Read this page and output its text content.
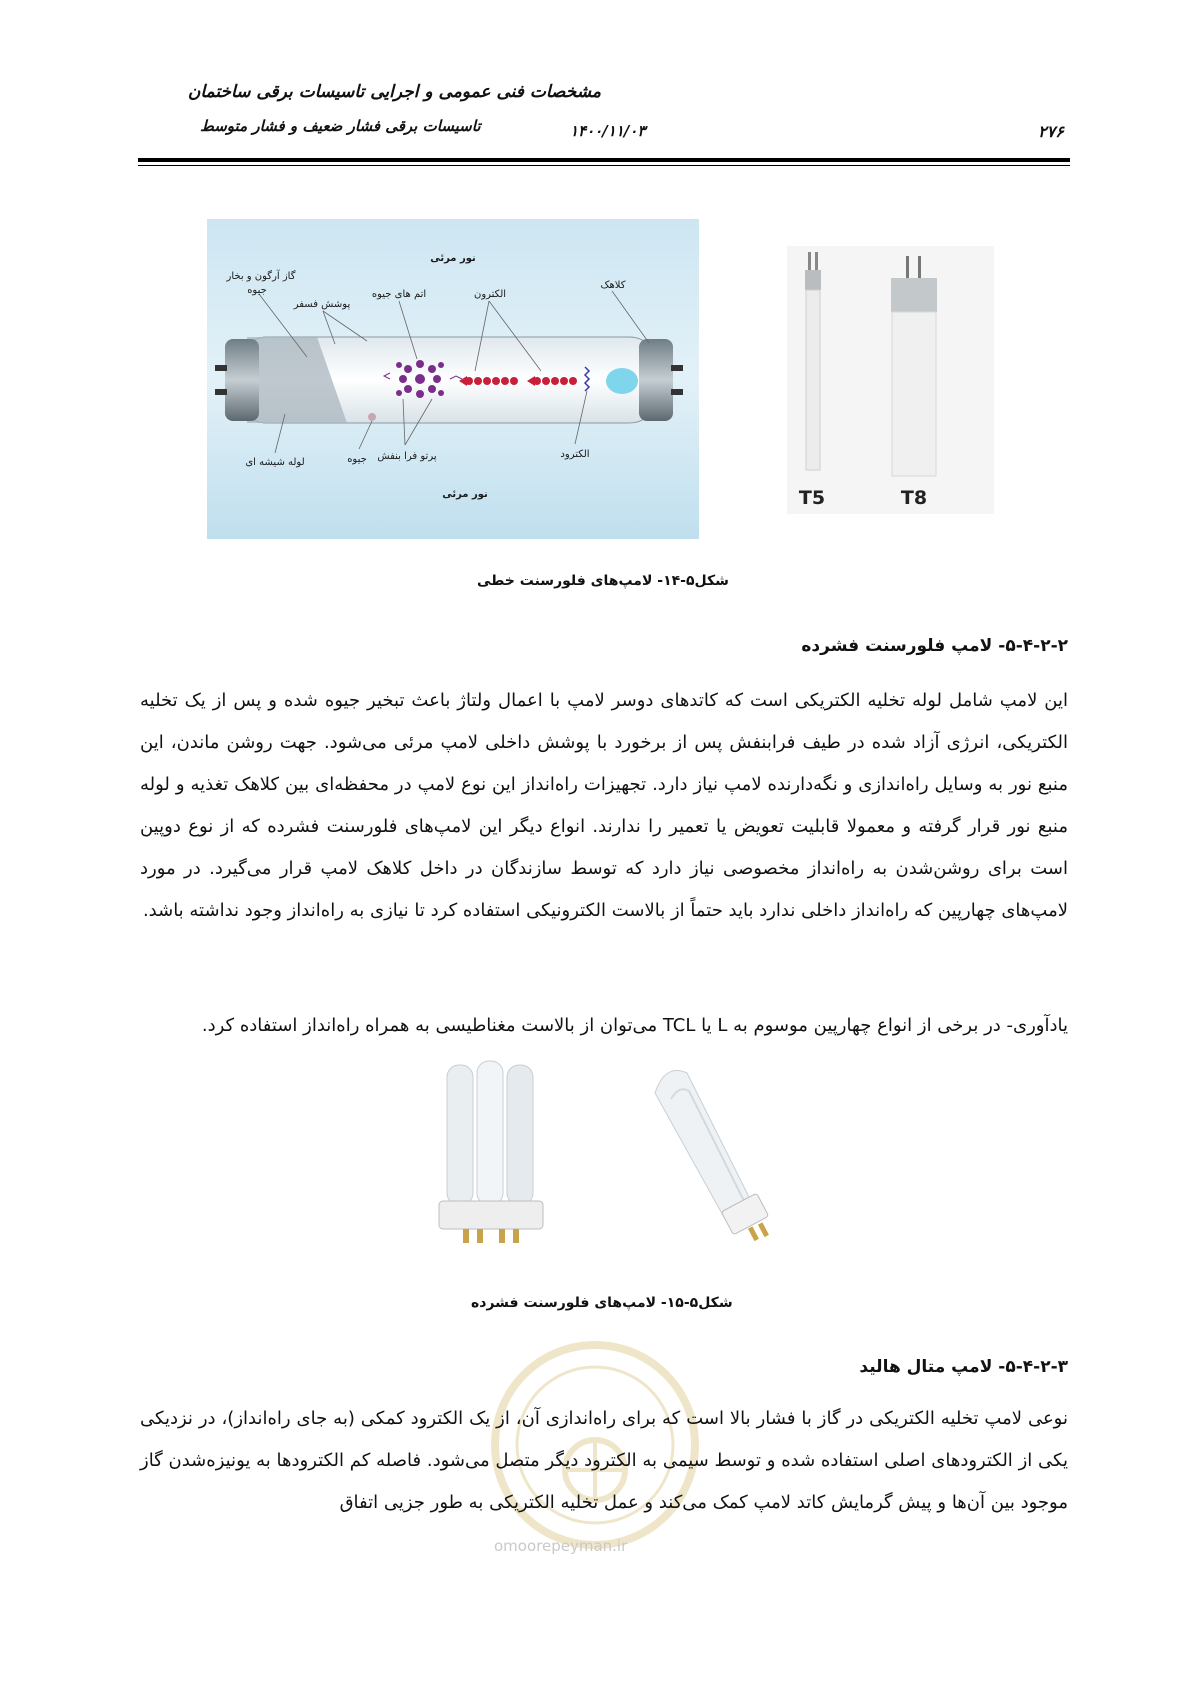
مشخصات فنی عمومی و اجرایی تاسیسات برقی ساختمان
تاسیسات برقی فشار ضعیف و فشار متوسط	۱۴۰۰/۱۱/۰۳	۲۷۶
نور مرئی
گاز آرگون و بخار
جیوه
پوشش فسفر
اتم های جیوه	الکترون
کلاهک
لوله شیشه ای	جیوه پرتو فرا بنفش	الکترود
نور مرئی	T5	T8
شکل۵-۱۴- لامپ‌های فلورسنت خطی
۵-۴-۲-۲- لامپ فلورسنت فشرده
این لامپ شامل لوله تخلیه الکتریکی است که کاتدهای دوسر لامپ با اعمال ولتاژ باعث تبخیر جیوه شده و پس از یک تخلیه الکتریکی، انرژی آزاد شده در طیف فرابنفش پس از برخورد با پوشش داخلی لامپ مرئی می‌شود. جهت روشن ماندن، این منبع نور به وسایل راه‌اندازی و نگه‌دارنده لامپ نیاز دارد. تجهیزات راه‌انداز این نوع لامپ در محفظه‌ای بین کلاهک تغذیه و لوله منبع نور قرار گرفته و معمولا قابلیت تعویض یا تعمیر را ندارند. انواع دیگر این لامپ‌های فلورسنت فشرده که از نوع دوپین است برای روشن‌شدن به راه‌انداز مخصوصی نیاز دارد که توسط سازندگان در داخل کلاهک لامپ قرار می‌گیرد. در مورد لامپ‌های چهارپین که راه‌انداز داخلی ندارد باید حتماً از بالاست الکترونیکی استفاده کرد تا نیازی به راه‌انداز وجود نداشته باشد.
یادآوری- در برخی از انواع چهارپین موسوم به L یا TCL می‌توان از بالاست مغناطیسی به همراه راه‌انداز استفاده کرد.
شکل۵-۱۵- لامپ‌های فلورسنت فشرده
omoorepeyman.ir
۵-۴-۲-۳- لامپ متال هالید
نوعی لامپ تخلیه الکتریکی در گاز با فشار بالا است که برای راه‌اندازی آن، از یک الکترود کمکی (به جای راه‌انداز)، در نزدیکی یکی از الکترودهای اصلی استفاده شده و توسط سیمی به الکترود دیگر متصل می‌شود. فاصله کم الکترودها به یونیزه‌شدن گاز موجود بین آن‌ها و پیش گرمایش کاتد لامپ کمک می‌کند و عمل تخلیه الکتریکی به طور جزیی اتفاق
